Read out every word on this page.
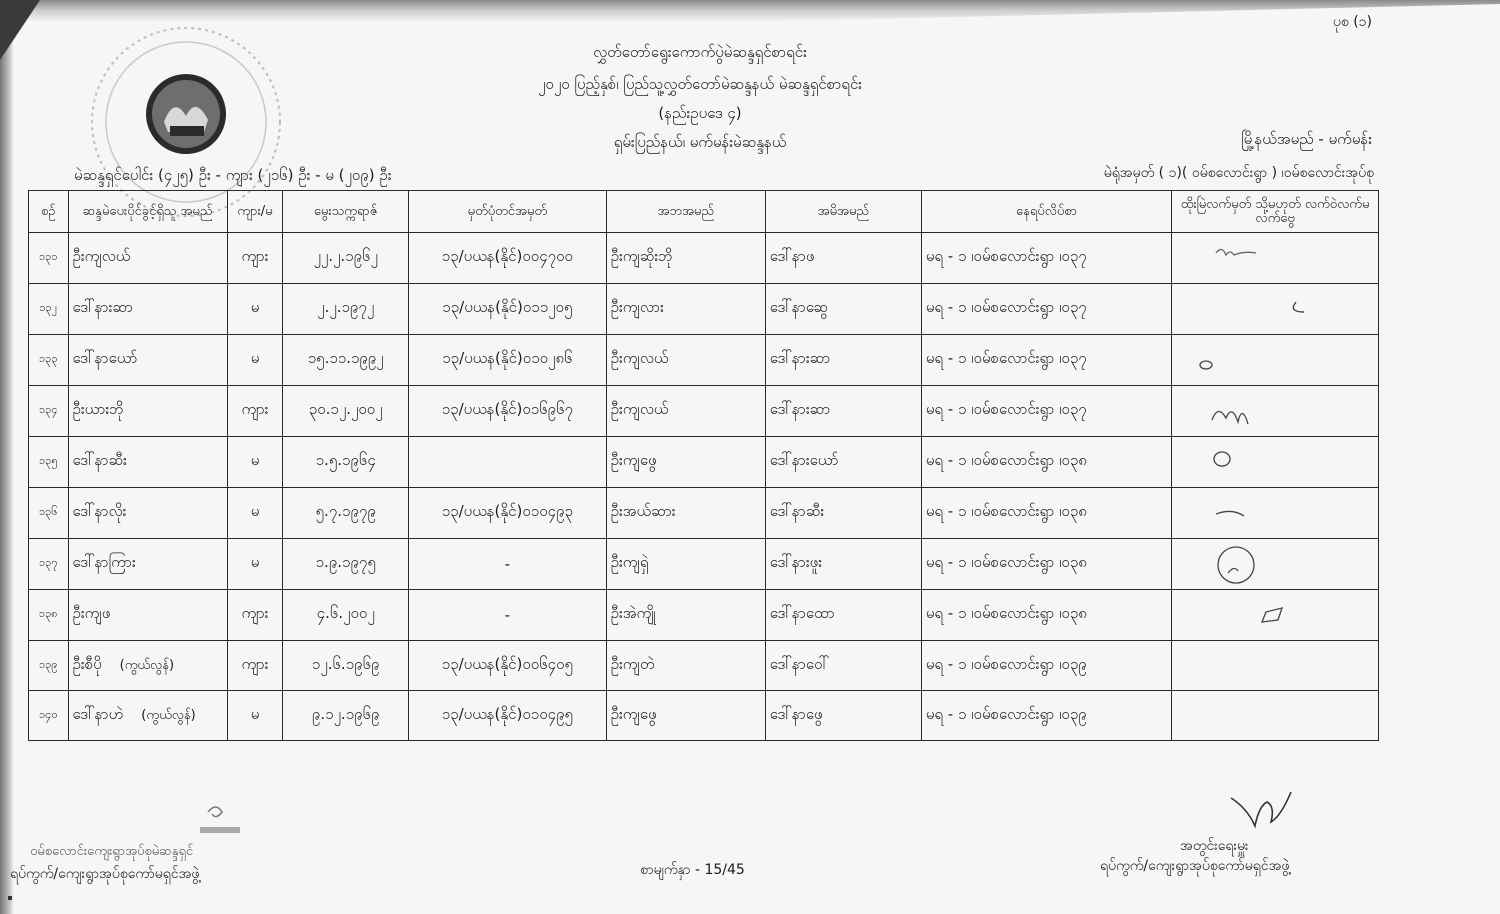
ပုစ (၁)
လွှတ်တော်ရွေးကောက်ပွဲမဲဆန္ဒရှင်စာရင်း
၂၀၂၀ ပြည့်နှစ်၊ ပြည်သူ့လွှတ်တော်မဲဆန္ဒနယ် မဲဆန္ဒရှင်စာရင်း
(နည်းဥပဒေ ၄)
ရှမ်းပြည်နယ်၊ မက်မန်းမဲဆန္ဒနယ်	မြို့နယ်အမည် - မက်မန်း
မဲဆန္ဒရှင်ပေါင်း (၄၂၅) ဦး - ကျား (၂၁၆) ဦး - မ (၂၀၉) ဦး	မဲရုံအမှတ် ( ၁)( ဝမ်စလောင်းရွာ ) ၊ဝမ်စလောင်းအုပ်စု
စဉ်	ဆန္ဒမဲပေးပိုင်ခွင့်ရှိသူ အမည်	ကျား/မ	မွေးသက္ကရာဇ်	မှတ်ပုံတင်အမှတ်	အဘအမည်	အမိအမည်	နေရပ်လိပ်စာ	ထိုးမြဲလက်မှတ် သို့မဟုတ် လက်ဝဲလက်မ လက်ဗွေ
၁၃၁	ဦးကျလယ်	ကျား	၂၂.၂.၁၉၆၂	၁၃/ပယန(နိုင်)၀၀၄၇၀၀	ဦးကျဆိုးဘို	ဒေါ်နာဖ	မရ - ၁ ၊ဝမ်စလောင်းရွာ ၊၀၃၇	
၁၃၂	ဒေါ်နားဆာ	မ	၂.၂.၁၉၇၂	၁၃/ပယန(နိုင်)၀၁၁၂၀၅	ဦးကျလား	ဒေါ်နာဆွေ	မရ - ၁ ၊ဝမ်စလောင်းရွာ ၊၀၃၇	
၁၃၃	ဒေါ်နာယော်	မ	၁၅.၁၁.၁၉၉၂	၁၃/ပယန(နိုင်)၀၁၀၂၈၆	ဦးကျလယ်	ဒေါ်နားဆာ	မရ - ၁ ၊ဝမ်စလောင်းရွာ ၊၀၃၇	
၁၃၄	ဦးယားဘို	ကျား	၃၀.၁၂.၂၀၀၂	၁၃/ပယန(နိုင်)၀၁၆၉၆၇	ဦးကျလယ်	ဒေါ်နားဆာ	မရ - ၁ ၊ဝမ်စလောင်းရွာ ၊၀၃၇	
၁၃၅	ဒေါ်နာဆီး	မ	၁.၅.၁၉၆၄		ဦးကျဖွေ	ဒေါ်နားယော်	မရ - ၁ ၊ဝမ်စလောင်းရွာ ၊၀၃၈	
၁၃၆	ဒေါ်နာလိုး	မ	၅.၇.၁၉၇၉	၁၃/ပယန(နိုင်)၀၁၀၄၉၃	ဦးအယ်ဆား	ဒေါ်နာဆီး	မရ - ၁ ၊ဝမ်စလောင်းရွာ ၊၀၃၈	
၁၃၇	ဒေါ်နာကြား	မ	၁.၉.၁၉၇၅	-	ဦးကျရှဲ	ဒေါ်နားဖူး	မရ - ၁ ၊ဝမ်စလောင်းရွာ ၊၀၃၈	
၁၃၈	ဦးကျဖ	ကျား	၄.၆.၂၀၀၂	-	ဦးအဲကျို	ဒေါ်နာထော	မရ - ၁ ၊ဝမ်စလောင်းရွာ ၊၀၃၈	
၁၃၉	ဦးစီပို (ကွယ်လွန်)	ကျား	၁၂.၆.၁၉၆၉	၁၃/ပယန(နိုင်)၀၀၆၄၀၅	ဦးကျတဲ	ဒေါ်နာဝေါ်	မရ - ၁ ၊ဝမ်စလောင်းရွာ ၊၀၃၉	
၁၄၀	ဒေါ်နာဟဲ (ကွယ်လွန်)	မ	၉.၁၂.၁၉၆၉	၁၃/ပယန(နိုင်)၀၁၀၄၉၅	ဦးကျဖွေ	ဒေါ်နာဖွေ	မရ - ၁ ၊ဝမ်စလောင်းရွာ ၊၀၃၉	
ဝမ်စလောင်းကျေးရွာအုပ်စုမဲဆန္ဒရှင်
ရပ်ကွက်/ကျေးရွာအုပ်စုကော်မရှင်အဖွဲ့	စာမျက်နှာ - 15/45
အတွင်းရေးမှူး
ရပ်ကွက်/ကျေးရွာအုပ်စုကော်မရှင်အဖွဲ့
